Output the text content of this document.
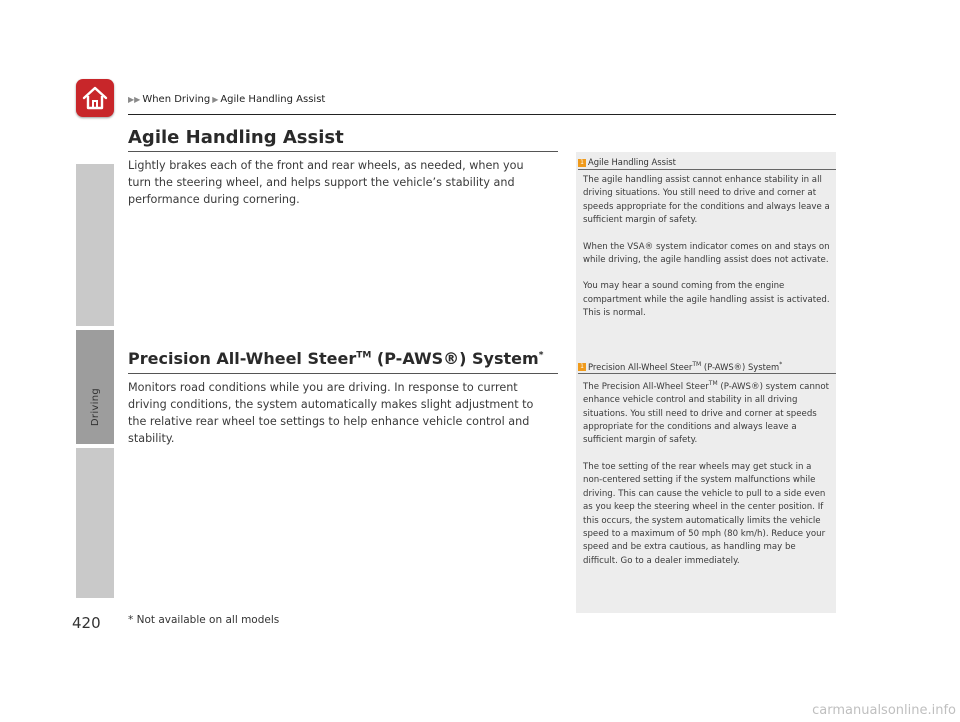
▶▶ When Driving ▶ Agile Handling Assist
Driving
Agile Handling Assist
Lightly brakes each of the front and rear wheels, as needed, when you turn the steering wheel, and helps support the vehicle’s stability and performance during cornering.
Precision All-Wheel Steer™ (P-AWS®) System*
Monitors road conditions while you are driving. In response to current driving conditions, the system automatically makes slight adjustment to the relative rear wheel toe settings to help enhance vehicle control and stability.
1 Agile Handling Assist

The agile handling assist cannot enhance stability in all driving situations. You still need to drive and corner at speeds appropriate for the conditions and always leave a sufficient margin of safety.

When the VSA® system indicator comes on and stays on while driving, the agile handling assist does not activate.

You may hear a sound coming from the engine compartment while the agile handling assist is activated. This is normal.

1 Precision All-Wheel Steer™ (P-AWS®) System*

The Precision All-Wheel Steer™ (P-AWS®) system cannot enhance vehicle control and stability in all driving situations. You still need to drive and corner at speeds appropriate for the conditions and always leave a sufficient margin of safety.

The toe setting of the rear wheels may get stuck in a non-centered setting if the system malfunctions while driving. This can cause the vehicle to pull to a side even as you keep the steering wheel in the center position. If this occurs, the system automatically limits the vehicle speed to a maximum of 50 mph (80 km/h). Reduce your speed and be extra cautious, as handling may be difficult. Go to a dealer immediately.

420	* Not available on all models
carmanualsonline.info
